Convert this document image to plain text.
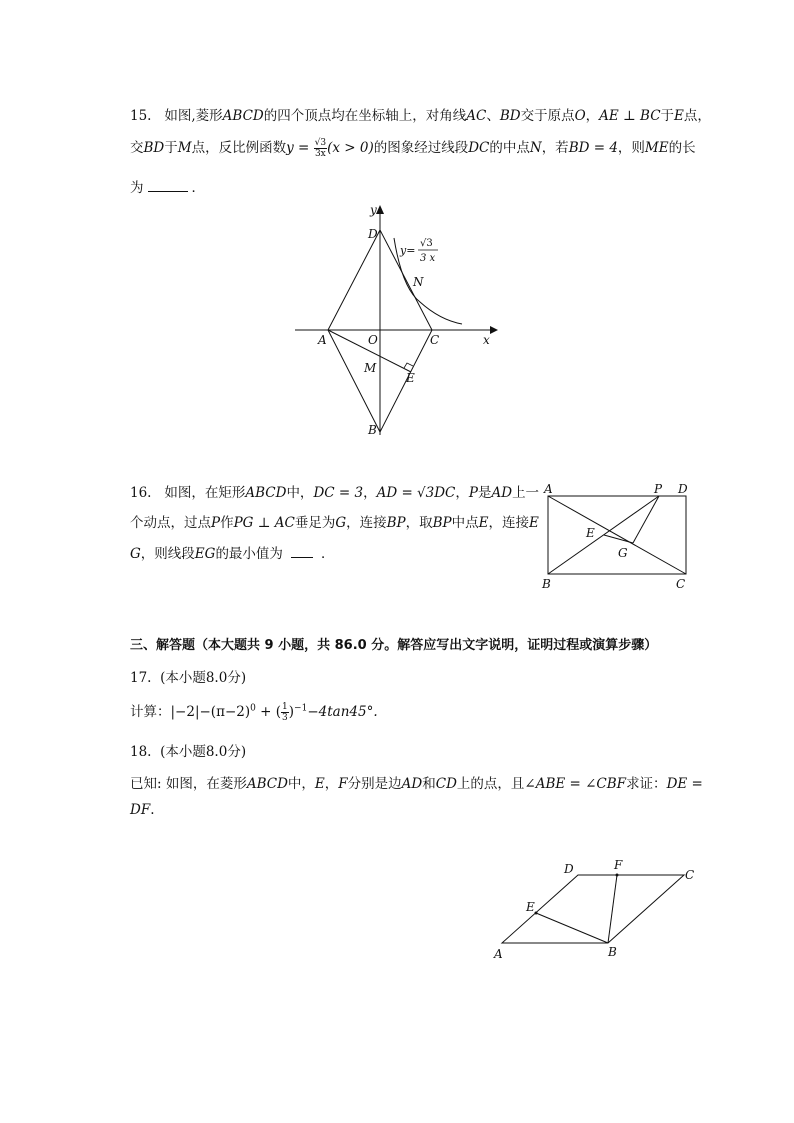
15. 如图,菱形ABCD的四个顶点均在坐标轴上，对角线AC、BD交于原点O，AE ⊥ BC于E点，
交BD于M点，反比例函数$y = \frac{√3}{3x} (x > 0)$的图象经过线段DC的中点N，若BD = 4，则ME的长
为	．
y
x
D
N
A	O	C
M
E
B
y=
√3
3 x
16. 如图，在矩形ABCD中，DC = 3，AD = √3DC，P是AD上一
个动点，过点P作PG ⊥ AC垂足为G，连接BP，取BP中点E，连接E
G，则线段EG的最小值为	．
A	P D
E
G
B	C
三、解答题（本大题共 9 小题，共 86.0 分。解答应写出文字说明，证明过程或演算步骤）
17. (本小题8.0分)
计算：$|-2|-(\pi-2)^0$ + ( $\frac{1}{3} )^{-1}-4\tan 45^\circ$.
18. (本小题8.0分)
已知: 如图，在菱形ABCD中，E，F分别是边AD和CD上的点，且∠ABE = ∠CBF求证：DE =
DF.
D	F
C
E
A	B
